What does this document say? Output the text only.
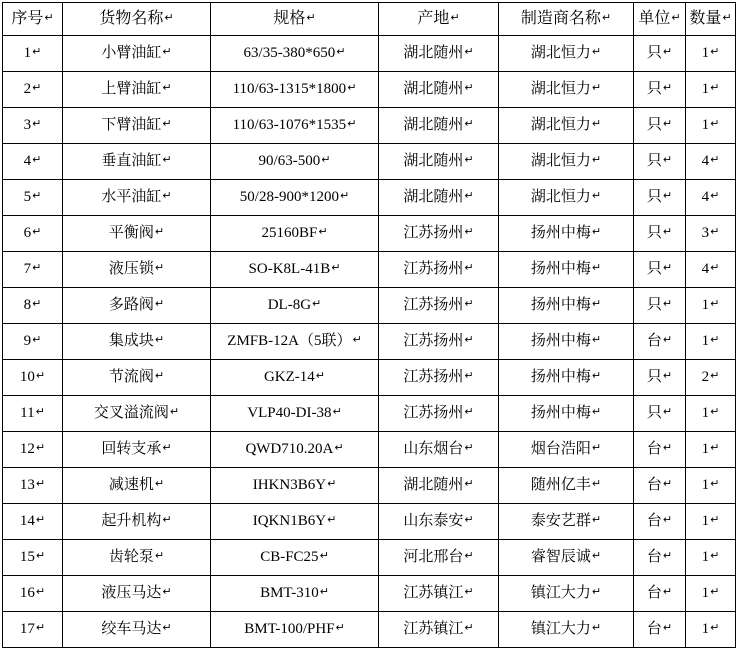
序号↵	货物名称↵	规格↵	产地↵	制造商名称↵	单位↵	数量↵
1↵	小臂油缸↵	63/35-380*650↵	湖北随州↵	湖北恒力↵	只↵	1↵
2↵	上臂油缸↵	110/63-1315*1800↵	湖北随州↵	湖北恒力↵	只↵	1↵
3↵	下臂油缸↵	110/63-1076*1535↵	湖北随州↵	湖北恒力↵	只↵	1↵
4↵	垂直油缸↵	90/63-500↵	湖北随州↵	湖北恒力↵	只↵	4↵
5↵	水平油缸↵	50/28-900*1200↵	湖北随州↵	湖北恒力↵	只↵	4↵
6↵	平衡阀↵	25160BF↵	江苏扬州↵	扬州中梅↵	只↵	3↵
7↵	液压锁↵	SO-K8L-41B↵	江苏扬州↵	扬州中梅↵	只↵	4↵
8↵	多路阀↵	DL-8G↵	江苏扬州↵	扬州中梅↵	只↵	1↵
9↵	集成块↵	ZMFB-12A（5联）↵	江苏扬州↵	扬州中梅↵	台↵	1↵
10↵	节流阀↵	GKZ-14↵	江苏扬州↵	扬州中梅↵	只↵	2↵
11↵	交叉溢流阀↵	VLP40-DI-38↵	江苏扬州↵	扬州中梅↵	只↵	1↵
12↵	回转支承↵	QWD710.20A↵	山东烟台↵	烟台浩阳↵	台↵	1↵
13↵	减速机↵	IHKN3B6Y↵	湖北随州↵	随州亿丰↵	台↵	1↵
14↵	起升机构↵	IQKN1B6Y↵	山东泰安↵	泰安艺群↵	台↵	1↵
15↵	齿轮泵↵	CB-FC25↵	河北邢台↵	睿智辰诚↵	台↵	1↵
16↵	液压马达↵	BMT-310↵	江苏镇江↵	镇江大力↵	台↵	1↵
17↵	绞车马达↵	BMT-100/PHF↵	江苏镇江↵	镇江大力↵	台↵	1↵
